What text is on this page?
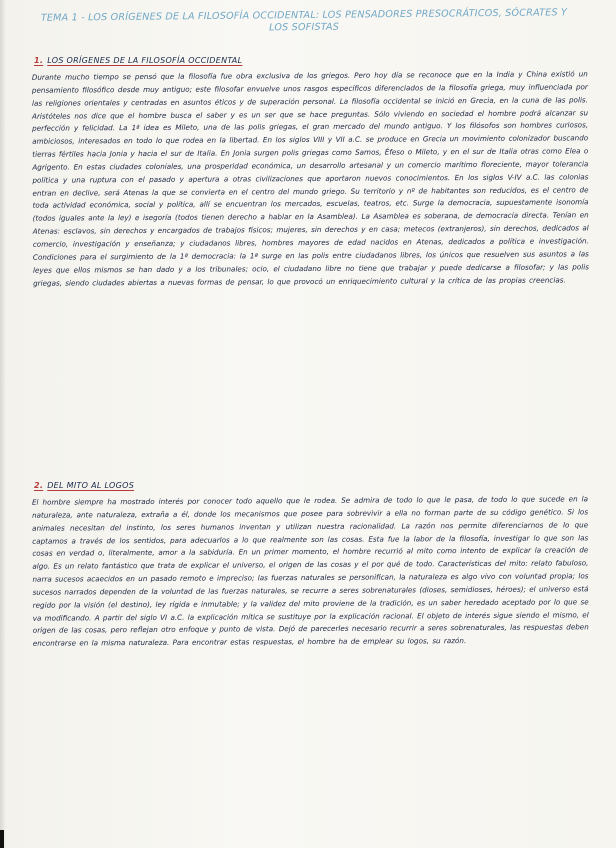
TEMA 1 - LOS ORÍGENES DE LA FILOSOFÍA OCCIDENTAL: LOS PENSADORES PRESOCRÁTICOS, SÓCRATES Y LOS SOFISTAS
1. LOS ORÍGENES DE LA FILOSOFÍA OCCIDENTAL
Durante mucho tiempo se pensó que la filosofía fue obra exclusiva de los griegos. Pero hoy día se reconoce que en la India y China existió un pensamiento filosófico desde muy antiguo; este filosofar envuelve unos rasgos específicos diferenciados de la filosofía griega, muy influenciada por las religiones orientales y centradas en asuntos éticos y de superación personal. La filosofía occidental se inició en Grecia, en la cuna de las polis. Aristóteles nos dice que el hombre busca el saber y es un ser que se hace preguntas. Sólo viviendo en sociedad el hombre podrá alcanzar su perfección y felicidad. La 1ª idea es Mileto, una de las polis griegas, el gran mercado del mundo antiguo. Y los filósofos son hombres curiosos, ambiciosos, interesados en todo lo que rodea en la libertad. En los siglos VIII y VII a.C. se produce en Grecia un movimiento colonizador buscando tierras fértiles hacia Jonia y hacia el sur de Italia. En Jonia surgen polis griegas como Samos, Éfeso o Mileto, y en el sur de Italia otras como Elea o Agrigento. En estas ciudades coloniales, una prosperidad económica, un desarrollo artesanal y un comercio marítimo floreciente, mayor tolerancia política y una ruptura con el pasado y apertura a otras civilizaciones que aportaron nuevos conocimientos. En los siglos V-IV a.C. las colonias entran en declive, será Atenas la que se convierta en el centro del mundo griego. Su territorio y nº de habitantes son reducidos, es el centro de toda actividad económica, social y política, allí se encuentran los mercados, escuelas, teatros, etc. Surge la democracia, supuestamente isonomía (todos iguales ante la ley) e isegoría (todos tienen derecho a hablar en la Asamblea). La Asamblea es soberana, de democracia directa. Tenían en Atenas: esclavos, sin derechos y encargados de trabajos físicos; mujeres, sin derechos y en casa; metecos (extranjeros), sin derechos, dedicados al comercio, investigación y enseñanza; y ciudadanos libres, hombres mayores de edad nacidos en Atenas, dedicados a política e investigación. Condiciones para el surgimiento de la 1ª democracia: la 1ª surge en las polis entre ciudadanos libres, los únicos que resuelven sus asuntos a las leyes que ellos mismos se han dado y a los tribunales; ocio, el ciudadano libre no tiene que trabajar y puede dedicarse a filosofar; y las polis griegas, siendo ciudades abiertas a nuevas formas de pensar, lo que provocó un enriquecimiento cultural y la crítica de las propias creencias.
2. DEL MITO AL LOGOS
El hombre siempre ha mostrado interés por conocer todo aquello que le rodea. Se admira de todo lo que le pasa, de todo lo que sucede en la naturaleza, ante naturaleza, extraña a él, donde los mecanismos que posee para sobrevivir a ella no forman parte de su código genético. Si los animales necesitan del instinto, los seres humanos inventan y utilizan nuestra racionalidad. La razón nos permite diferenciarnos de lo que captamos a través de los sentidos, para adecuarlos a lo que realmente son las cosas. Esta fue la labor de la filosofía, investigar lo que son las cosas en verdad o, literalmente, amor a la sabiduría. En un primer momento, el hombre recurrió al mito como intento de explicar la creación de algo. Es un relato fantástico que trata de explicar el universo, el origen de las cosas y el por qué de todo. Características del mito: relato fabuloso, narra sucesos acaecidos en un pasado remoto e impreciso; las fuerzas naturales se personifican, la naturaleza es algo vivo con voluntad propia; los sucesos narrados dependen de la voluntad de las fuerzas naturales, se recurre a seres sobrenaturales (dioses, semidioses, héroes); el universo está regido por la visión (el destino), ley rígida e inmutable; y la validez del mito proviene de la tradición, es un saber heredado aceptado por lo que se va modificando. A partir del siglo VI a.C. la explicación mítica se sustituye por la explicación racional. El objeto de interés sigue siendo el mismo, el origen de las cosas, pero reflejan otro enfoque y punto de vista. Dejó de parecerles necesario recurrir a seres sobrenaturales, las respuestas deben encontrarse en la misma naturaleza. Para encontrar estas respuestas, el hombre ha de emplear su logos, su razón.
